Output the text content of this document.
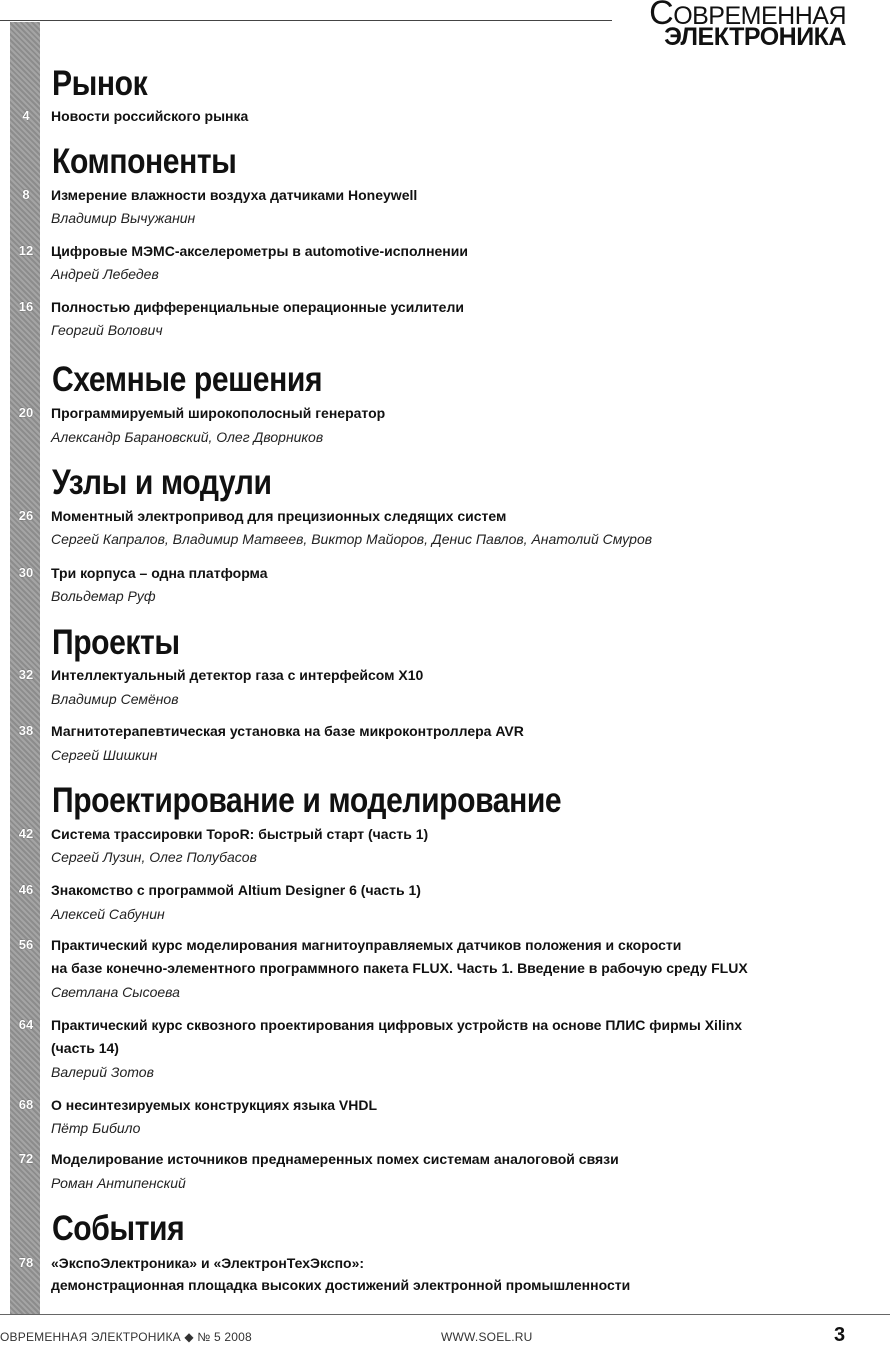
СОВРЕМЕННАЯ
ЭЛЕКТРОНИКА
Рынок
4	Новости российского рынка
Компоненты
8	Измерение влажности воздуха датчиками Honeywell
Владимир Вычужанин
12	Цифровые МЭМС-акселерометры в automotive-исполнении
Андрей Лебедев
16	Полностью дифференциальные операционные усилители
Георгий Волович
Схемные решения
20	Программируемый широкополосный генератор
Александр Барановский, Олег Дворников
Узлы и модули
26	Моментный электропривод для прецизионных следящих систем
Сергей Капралов, Владимир Матвеев, Виктор Майоров, Денис Павлов, Анатолий Смуров
30	Три корпуса – одна платформа
Вольдемар Руф
Проекты
32	Интеллектуальный детектор газа с интерфейсом X10
Владимир Семёнов
38	Магнитотерапевтическая установка на базе микроконтроллера AVR
Сергей Шишкин
Проектирование и моделирование
42	Система трассировки TopoR: быстрый старт (часть 1)
Сергей Лузин, Олег Полубасов
46	Знакомство с программой Altium Designer 6 (часть 1)
Алексей Сабунин
56	Практический курс моделирования магнитоуправляемых датчиков положения и скорости
на базе конечно-элементного программного пакета FLUX. Часть 1. Введение в рабочую среду FLUX
Светлана Сысоева
64	Практический курс сквозного проектирования цифровых устройств на основе ПЛИС фирмы Xilinx
(часть 14)
Валерий Зотов
68	О несинтезируемых конструкциях языка VHDL
Пётр Бибило
72	Моделирование источников преднамеренных помех системам аналоговой связи
Роман Антипенский
События
78	«ЭкспоЭлектроника» и «ЭлектронТехЭкспо»:
демонстрационная площадка высоких достижений электронной промышленности
ОВРЕМЕННАЯ ЭЛЕКТРОНИКА ◆ № 5 2008	WWW.SOEL.RU	3
